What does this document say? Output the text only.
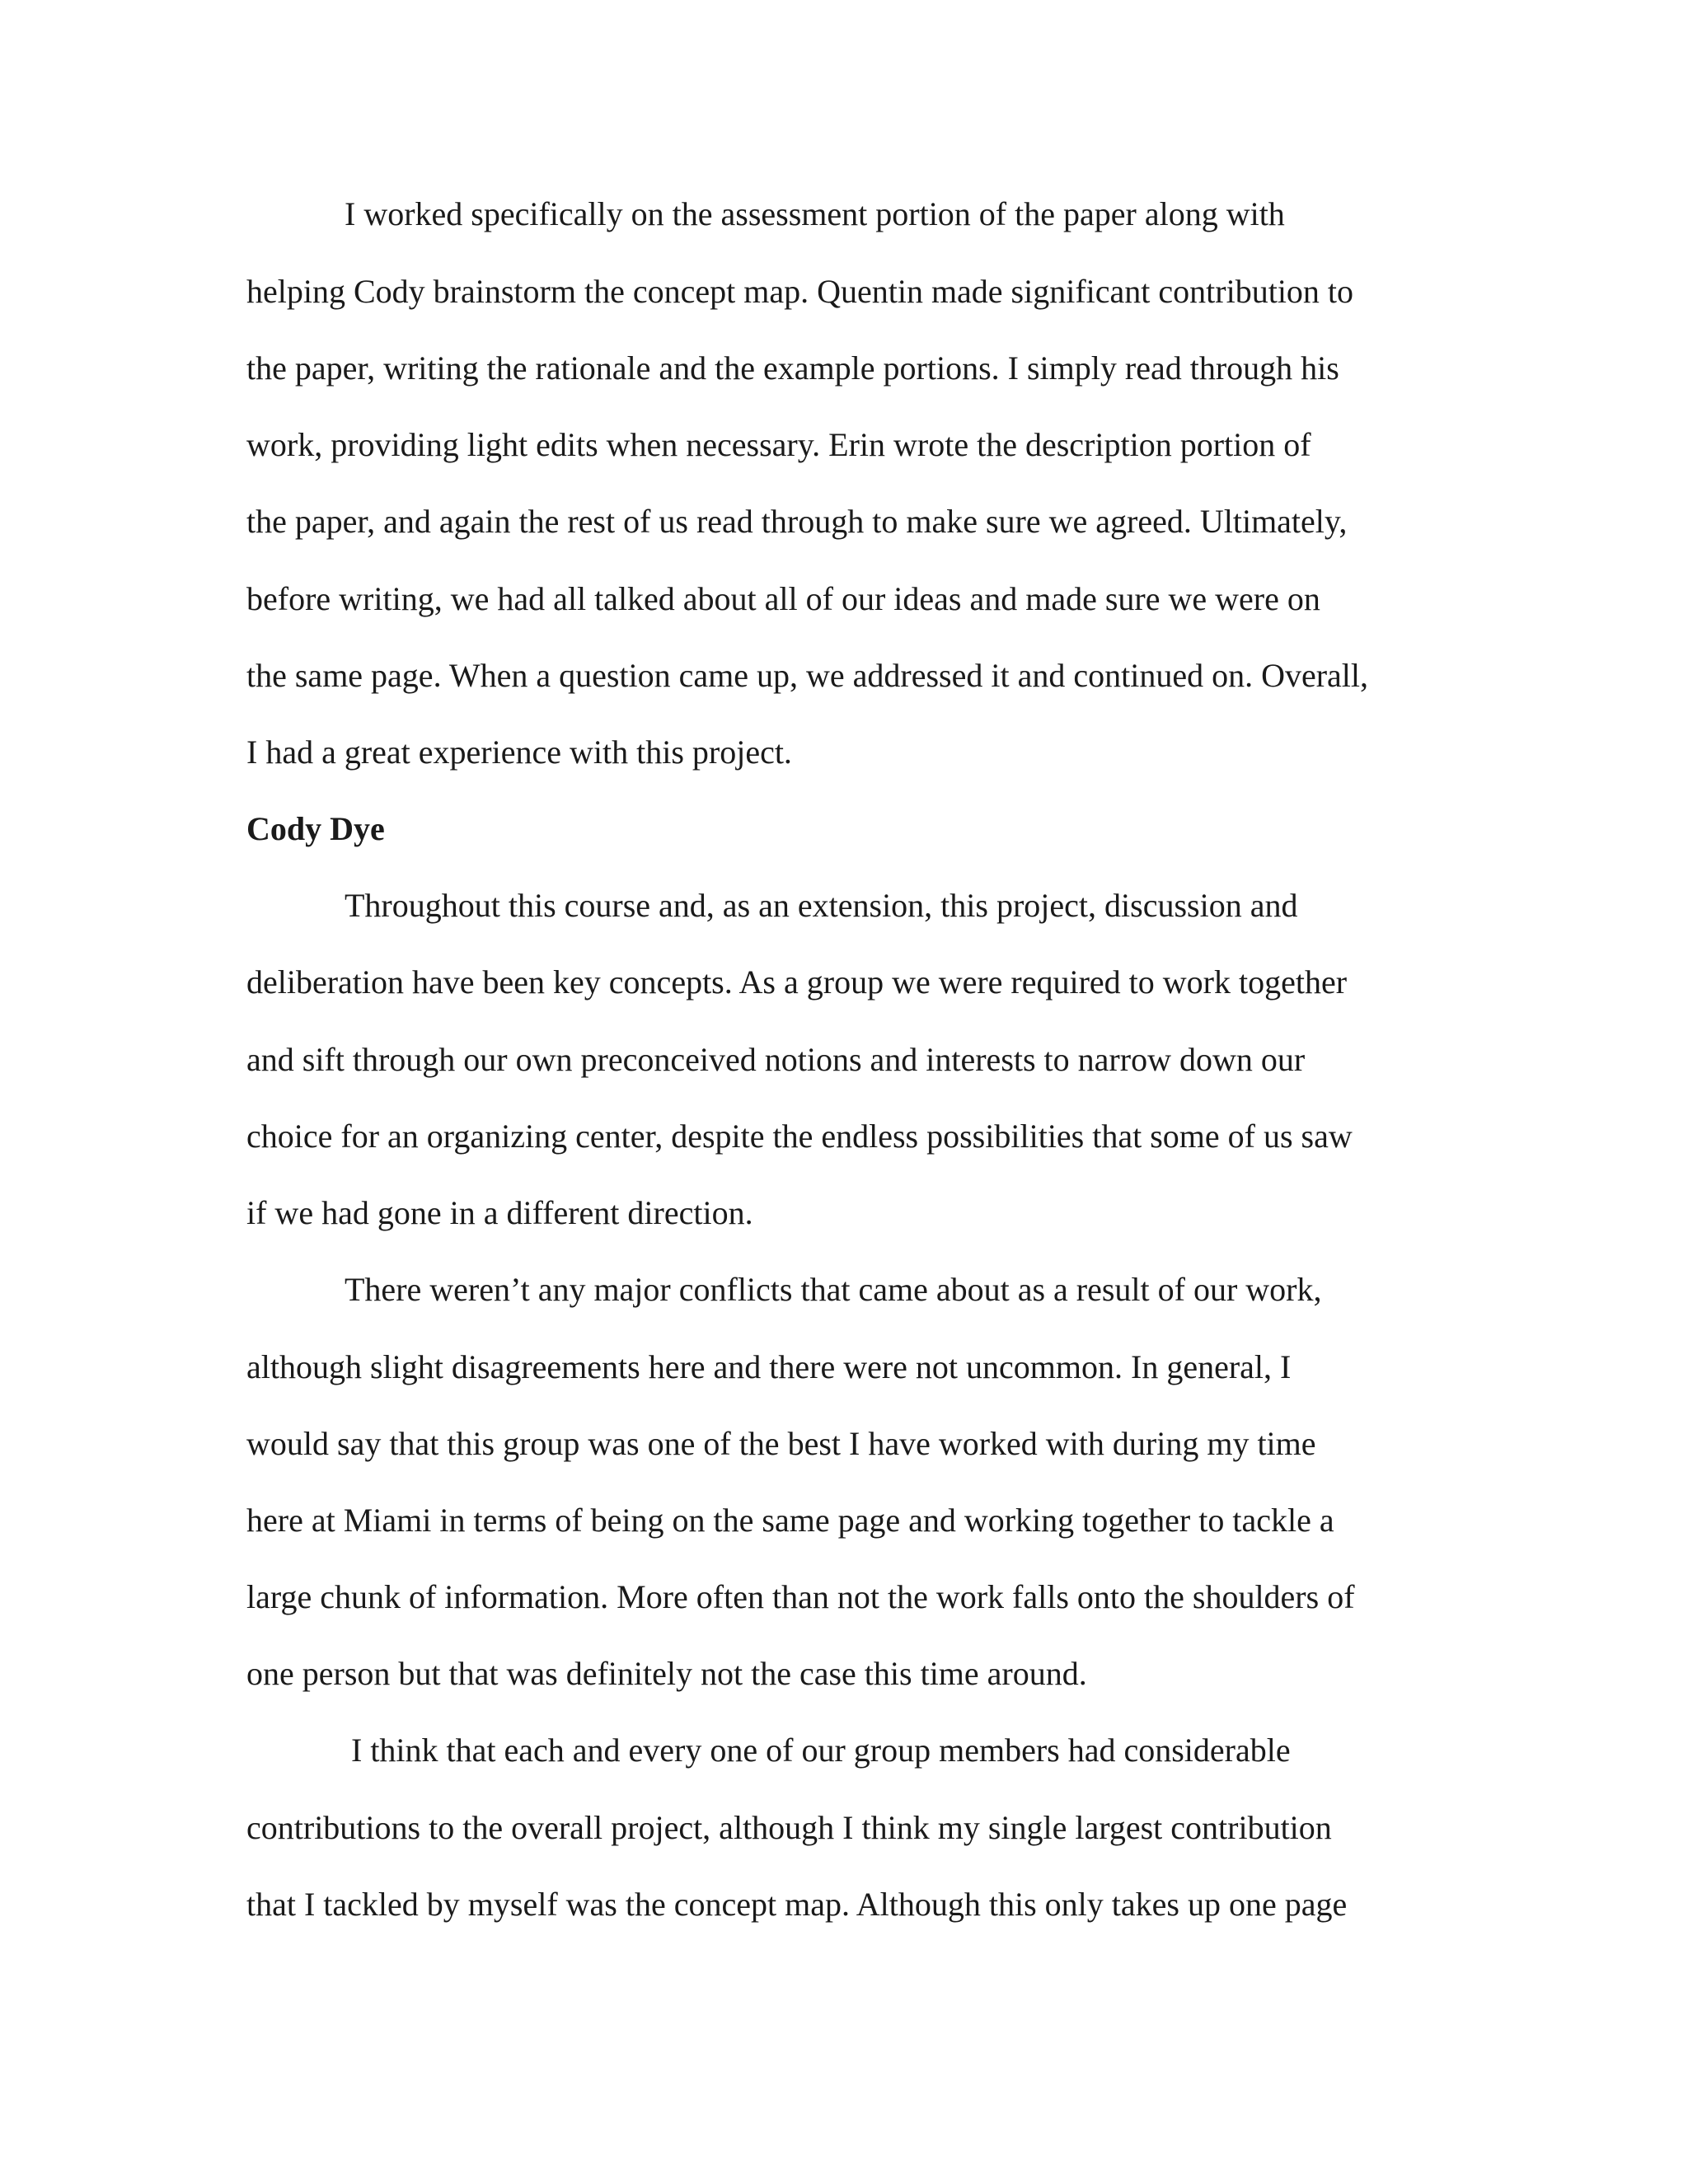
I worked specifically on the assessment portion of the paper along with
helping Cody brainstorm the concept map. Quentin made significant contribution to
the paper, writing the rationale and the example portions. I simply read through his
work, providing light edits when necessary. Erin wrote the description portion of
the paper, and again the rest of us read through to make sure we agreed. Ultimately,
before writing, we had all talked about all of our ideas and made sure we were on
the same page. When a question came up, we addressed it and continued on. Overall,
I had a great experience with this project.
Cody Dye
Throughout this course and, as an extension, this project, discussion and
deliberation have been key concepts. As a group we were required to work together
and sift through our own preconceived notions and interests to narrow down our
choice for an organizing center, despite the endless possibilities that some of us saw
if we had gone in a different direction.
There weren’t any major conflicts that came about as a result of our work,
although slight disagreements here and there were not uncommon. In general, I
would say that this group was one of the best I have worked with during my time
here at Miami in terms of being on the same page and working together to tackle a
large chunk of information. More often than not the work falls onto the shoulders of
one person but that was definitely not the case this time around.
I think that each and every one of our group members had considerable
contributions to the overall project, although I think my single largest contribution
that I tackled by myself was the concept map. Although this only takes up one page
